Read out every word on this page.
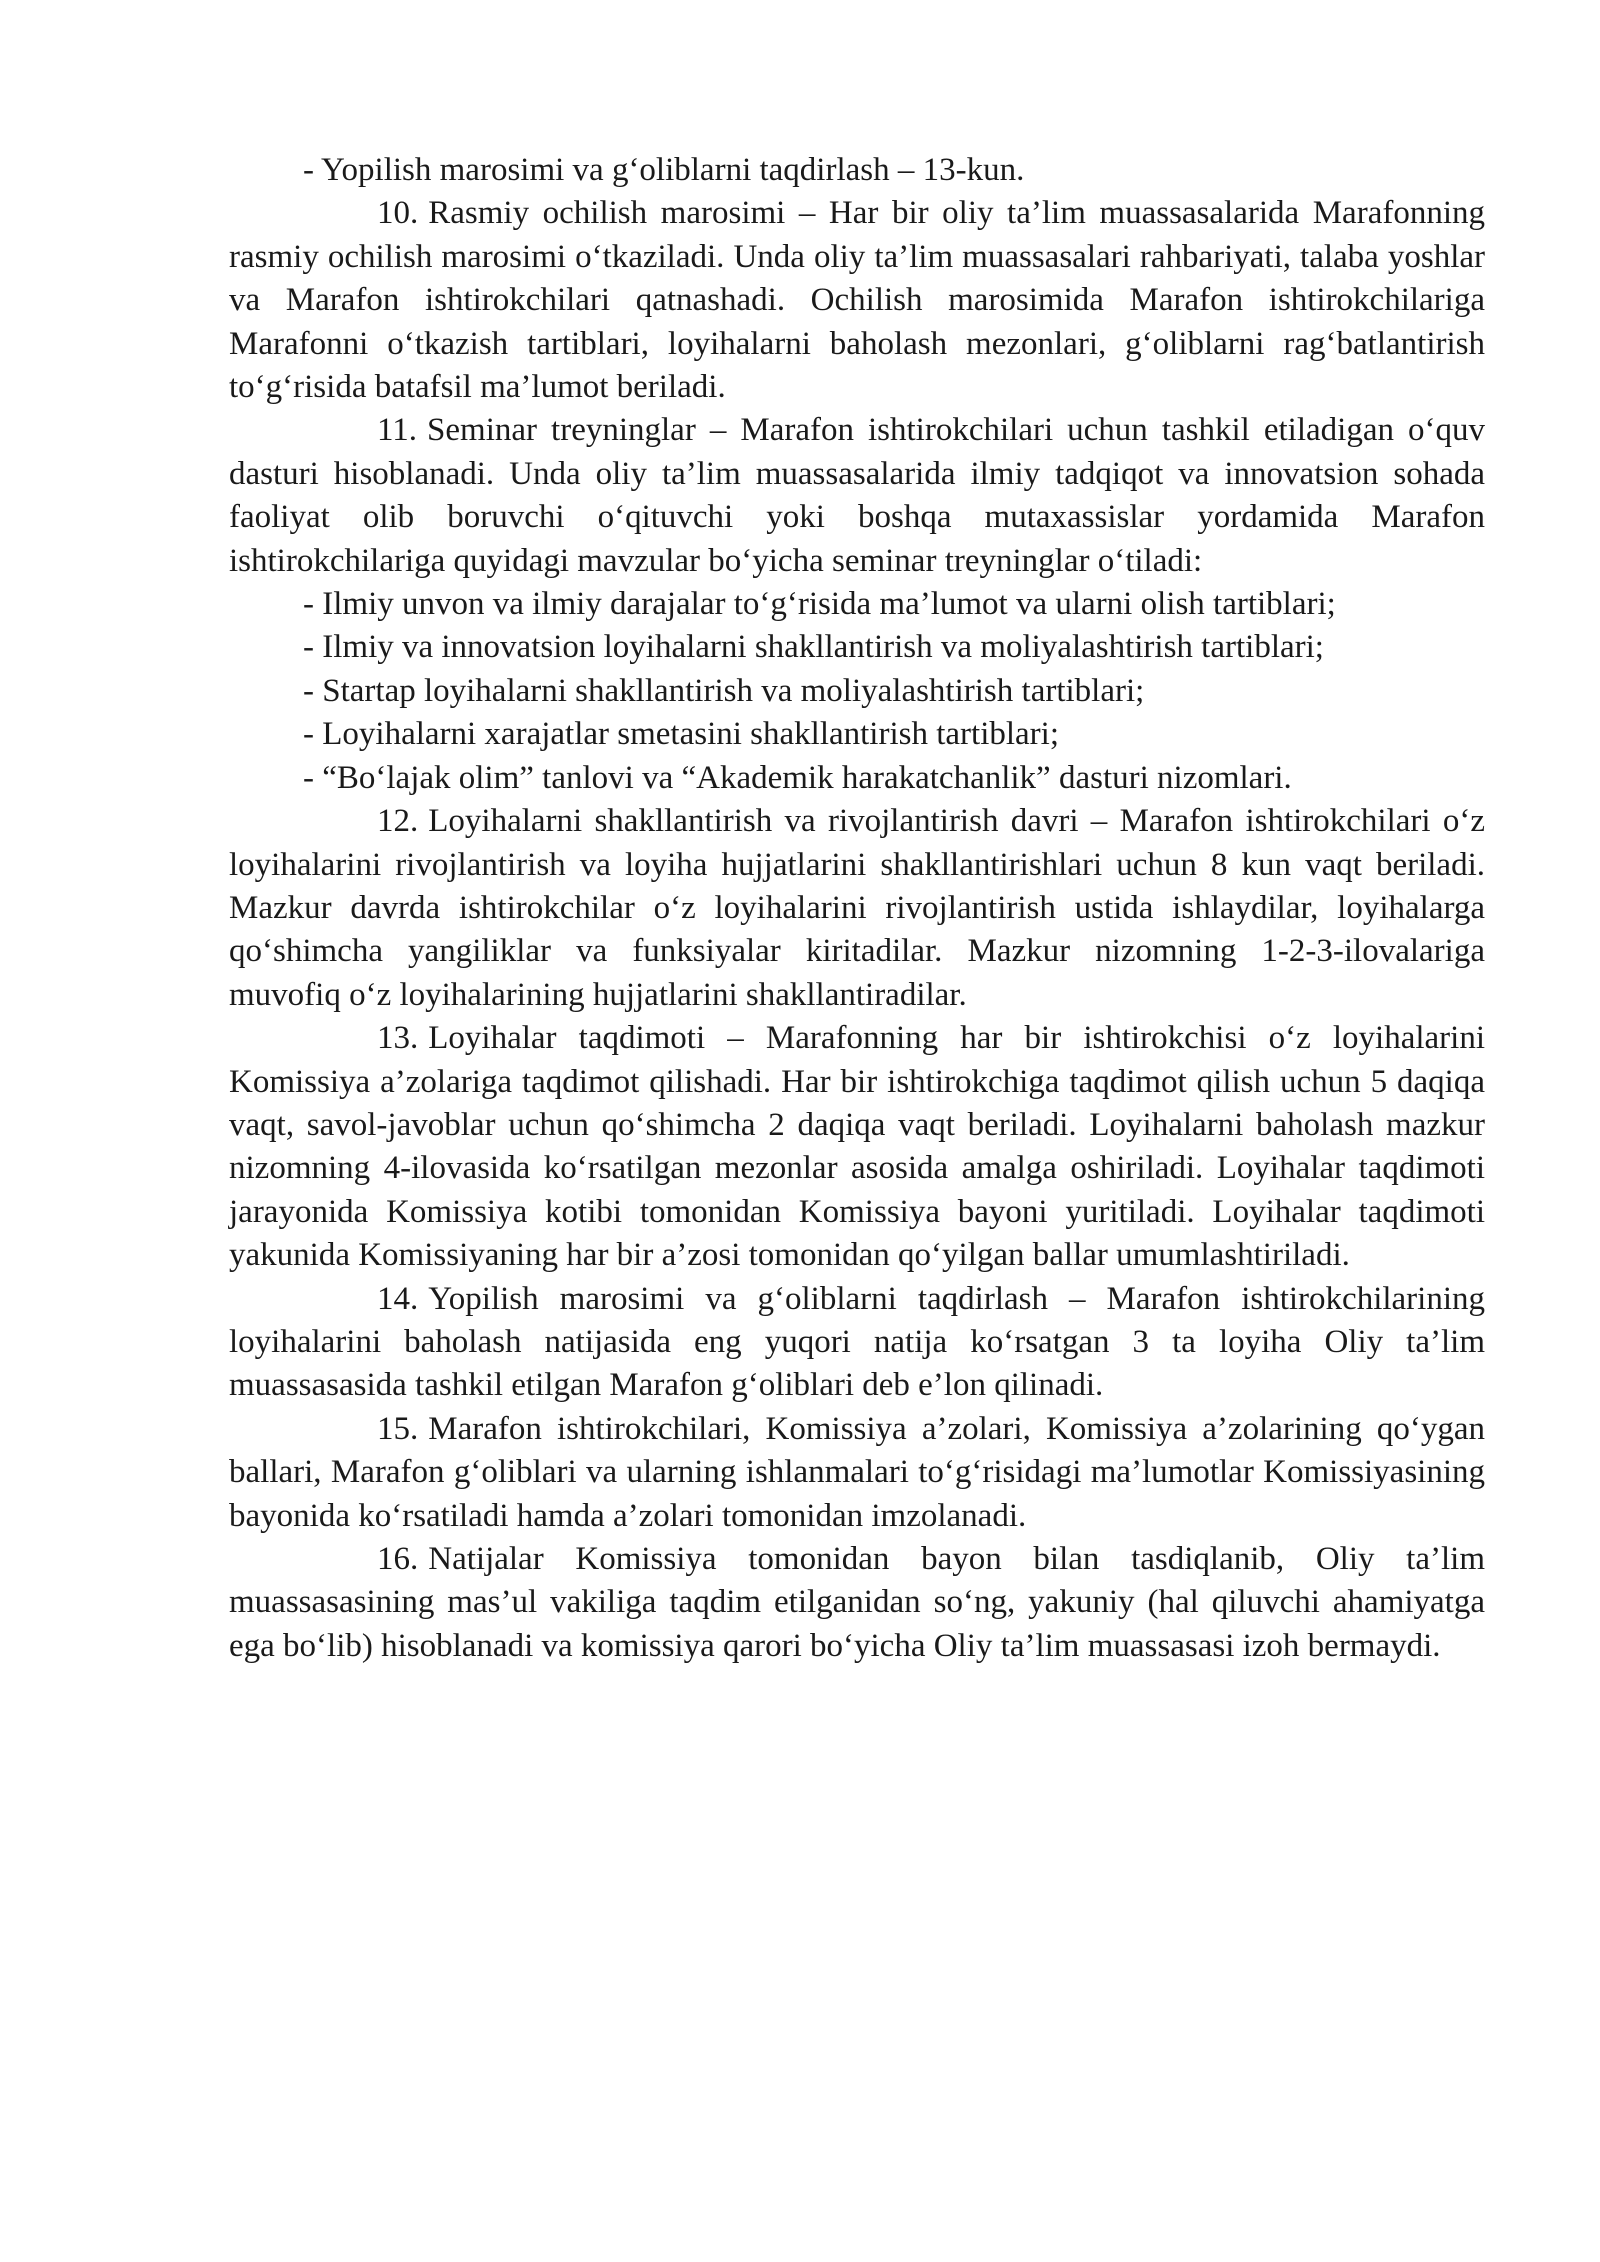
- Yopilish marosimi va g‘oliblarni taqdirlash – 13-kun.

10. Rasmiy ochilish marosimi – Har bir oliy ta’lim muassasalarida Marafonning rasmiy ochilish marosimi o‘tkaziladi. Unda oliy ta’lim muassasalari rahbariyati, talaba yoshlar va Marafon ishtirokchilari qatnashadi. Ochilish marosimida Marafon ishtirokchilariga Marafonni o‘tkazish tartiblari, loyihalarni baholash mezonlari, g‘oliblarni rag‘batlantirish to‘g‘risida batafsil ma’lumot beriladi.

11. Seminar treyninglar – Marafon ishtirokchilari uchun tashkil etiladigan o‘quv dasturi hisoblanadi. Unda oliy ta’lim muassasalarida ilmiy tadqiqot va innovatsion sohada faoliyat olib boruvchi o‘qituvchi yoki boshqa mutaxassislar yordamida Marafon ishtirokchilariga quyidagi mavzular bo‘yicha seminar treyninglar o‘tiladi:

- Ilmiy unvon va ilmiy darajalar to‘g‘risida ma’lumot va ularni olish tartiblari;

- Ilmiy va innovatsion loyihalarni shakllantirish va moliyalashtirish tartiblari;

- Startap loyihalarni shakllantirish va moliyalashtirish tartiblari;

- Loyihalarni xarajatlar smetasini shakllantirish tartiblari;

- “Bo‘lajak olim” tanlovi va “Akademik harakatchanlik” dasturi nizomlari.

12. Loyihalarni shakllantirish va rivojlantirish davri – Marafon ishtirokchilari o‘z loyihalarini rivojlantirish va loyiha hujjatlarini shakllantirishlari uchun 8 kun vaqt beriladi. Mazkur davrda ishtirokchilar o‘z loyihalarini rivojlantirish ustida ishlaydilar, loyihalarga qo‘shimcha yangiliklar va funksiyalar kiritadilar. Mazkur nizomning 1-2-3-ilovalariga muvofiq o‘z loyihalarining hujjatlarini shakllantiradilar.

13. Loyihalar taqdimoti – Marafonning har bir ishtirokchisi o‘z loyihalarini Komissiya a’zolariga taqdimot qilishadi. Har bir ishtirokchiga taqdimot qilish uchun 5 daqiqa vaqt, savol-javoblar uchun qo‘shimcha 2 daqiqa vaqt beriladi. Loyihalarni baholash mazkur nizomning 4-ilovasida ko‘rsatilgan mezonlar asosida amalga oshiriladi. Loyihalar taqdimoti jarayonida Komissiya kotibi tomonidan Komissiya bayoni yuritiladi. Loyihalar taqdimoti yakunida Komissiyaning har bir a’zosi tomonidan qo‘yilgan ballar umumlashtiriladi.

14. Yopilish marosimi va g‘oliblarni taqdirlash – Marafon ishtirokchilarining loyihalarini baholash natijasida eng yuqori natija ko‘rsatgan 3 ta loyiha Oliy ta’lim muassasasida tashkil etilgan Marafon g‘oliblari deb e’lon qilinadi.

15. Marafon ishtirokchilari, Komissiya a’zolari, Komissiya a’zolarining qo‘ygan ballari, Marafon g‘oliblari va ularning ishlanmalari to‘g‘risidagi ma’lumotlar Komissiyasining bayonida ko‘rsatiladi hamda a’zolari tomonidan imzolanadi.

16. Natijalar Komissiya tomonidan bayon bilan tasdiqlanib, Oliy ta’lim muassasasining mas’ul vakiliga taqdim etilganidan so‘ng, yakuniy (hal qiluvchi ahamiyatga ega bo‘lib) hisoblanadi va komissiya qarori bo‘yicha Oliy ta’lim muassasasi izoh bermaydi.
